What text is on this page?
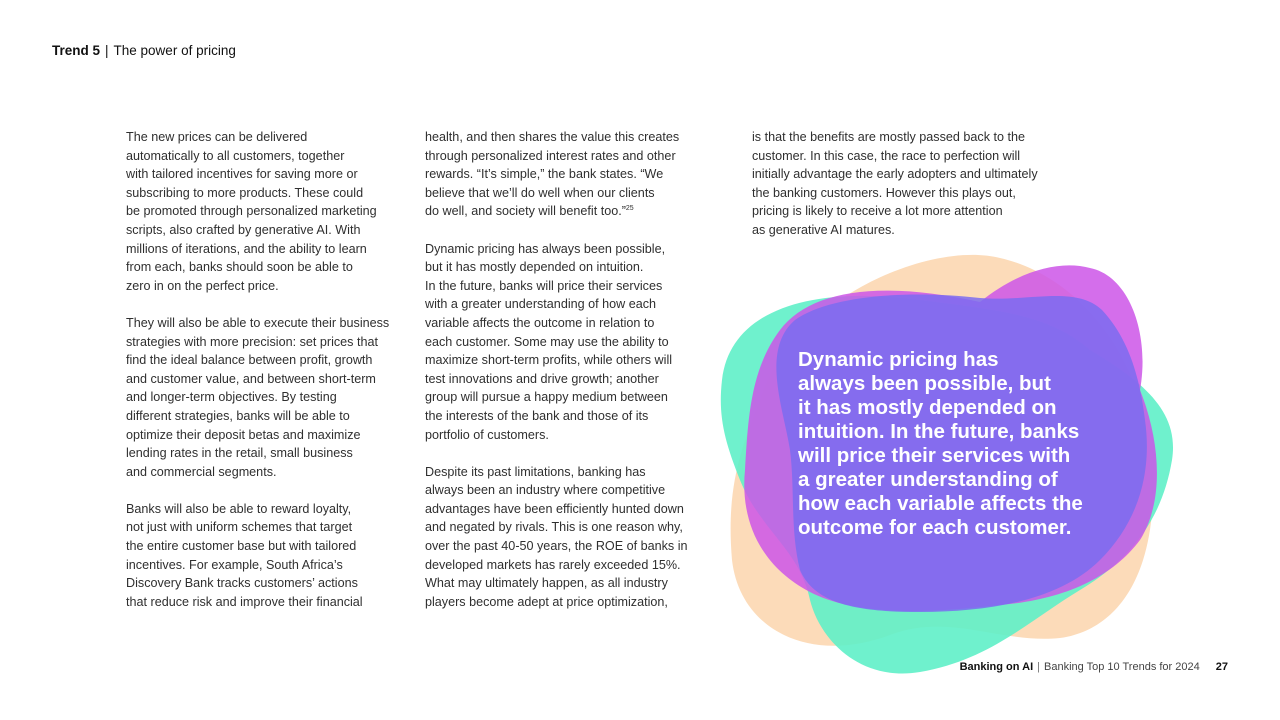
Trend 5 | The power of pricing

The new prices can be delivered
automatically to all customers, together
with tailored incentives for saving more or
subscribing to more products. These could
be promoted through personalized marketing
scripts, also crafted by generative AI. With
millions of iterations, and the ability to learn
from each, banks should soon be able to
zero in on the perfect price.

They will also be able to execute their business
strategies with more precision: set prices that
find the ideal balance between profit, growth
and customer value, and between short-term
and longer-term objectives. By testing
different strategies, banks will be able to
optimize their deposit betas and maximize
lending rates in the retail, small business
and commercial segments.

Banks will also be able to reward loyalty,
not just with uniform schemes that target
the entire customer base but with tailored
incentives. For example, South Africa’s
Discovery Bank tracks customers’ actions
that reduce risk and improve their financial

health, and then shares the value this creates
through personalized interest rates and other
rewards. “It’s simple,” the bank states. “We
believe that we’ll do well when our clients
do well, and society will benefit too.”$^{25}$

Dynamic pricing has always been possible,
but it has mostly depended on intuition.
In the future, banks will price their services
with a greater understanding of how each
variable affects the outcome in relation to
each customer. Some may use the ability to
maximize short-term profits, while others will
test innovations and drive growth; another
group will pursue a happy medium between
the interests of the bank and those of its
portfolio of customers.

Despite its past limitations, banking has
always been an industry where competitive
advantages have been efficiently hunted down
and negated by rivals. This is one reason why,
over the past 40-50 years, the ROE of banks in
developed markets has rarely exceeded 15%.
What may ultimately happen, as all industry
players become adept at price optimization,

is that the benefits are mostly passed back to the
customer. In this case, the race to perfection will
initially advantage the early adopters and ultimately
the banking customers. However this plays out,
pricing is likely to receive a lot more attention
as generative AI matures.

Dynamic pricing has
always been possible, but
it has mostly depended on
intuition. In the future, banks
will price their services with
a greater understanding of
how each variable affects the
outcome for each customer.
Banking on AI | Banking Top 10 Trends for 2024 27
